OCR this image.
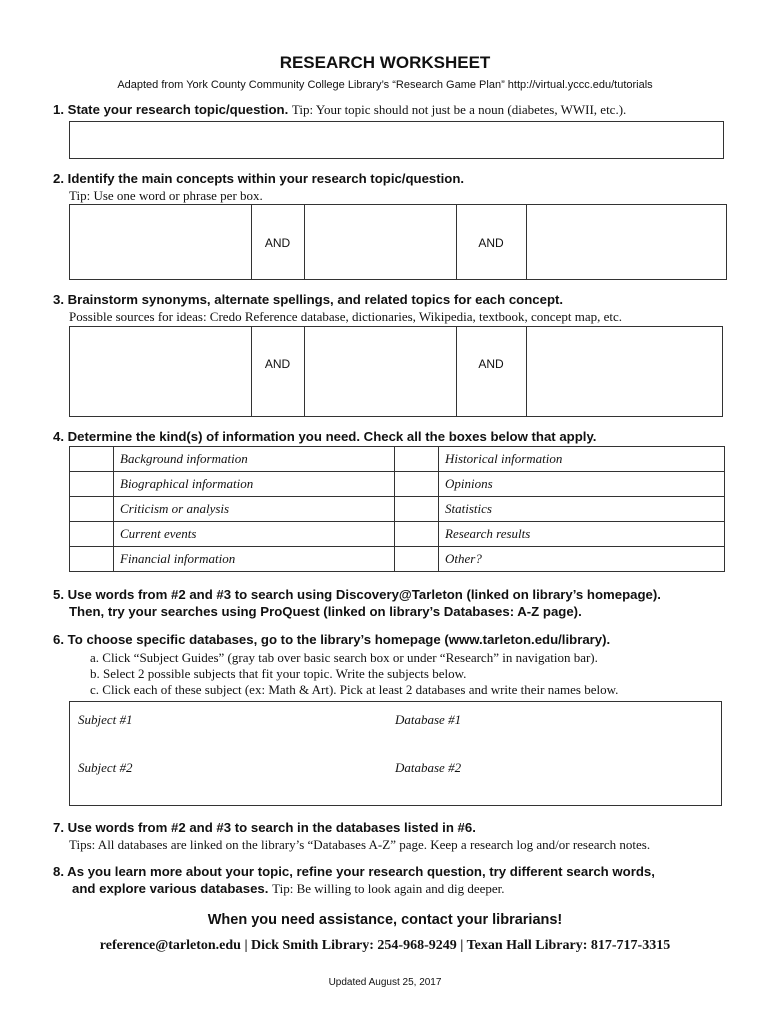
RESEARCH WORKSHEET
Adapted from York County Community College Library’s “Research Game Plan” http://virtual.yccc.edu/tutorials
1. State your research topic/question. Tip: Your topic should not just be a noun (diabetes, WWII, etc.).
2. Identify the main concepts within your research topic/question.
Tip: Use one word or phrase per box.
AND	AND
3. Brainstorm synonyms, alternate spellings, and related topics for each concept.
Possible sources for ideas: Credo Reference database, dictionaries, Wikipedia, textbook, concept map, etc.
AND	AND
4. Determine the kind(s) of information you need. Check all the boxes below that apply.
	Background information		Historical information
	Biographical information		Opinions
	Criticism or analysis		Statistics
	Current events		Research results
	Financial information		Other?
5. Use words from #2 and #3 to search using Discovery@Tarleton (linked on library’s homepage).
Then, try your searches using ProQuest (linked on library’s Databases: A-Z page).
6. To choose specific databases, go to the library’s homepage (www.tarleton.edu/library).
a. Click “Subject Guides” (gray tab over basic search box or under “Research” in navigation bar).
b. Select 2 possible subjects that fit your topic. Write the subjects below.
c. Click each of these subject (ex: Math & Art). Pick at least 2 databases and write their names below.
Subject #1	Database #1
Subject #2	Database #2
7. Use words from #2 and #3 to search in the databases listed in #6.
Tips: All databases are linked on the library’s “Databases A-Z” page. Keep a research log and/or research notes.
8. As you learn more about your topic, refine your research question, try different search words,
and explore various databases. Tip: Be willing to look again and dig deeper.
When you need assistance, contact your librarians!
reference@tarleton.edu | Dick Smith Library: 254-968-9249 | Texan Hall Library: 817-717-3315
Updated August 25, 2017
